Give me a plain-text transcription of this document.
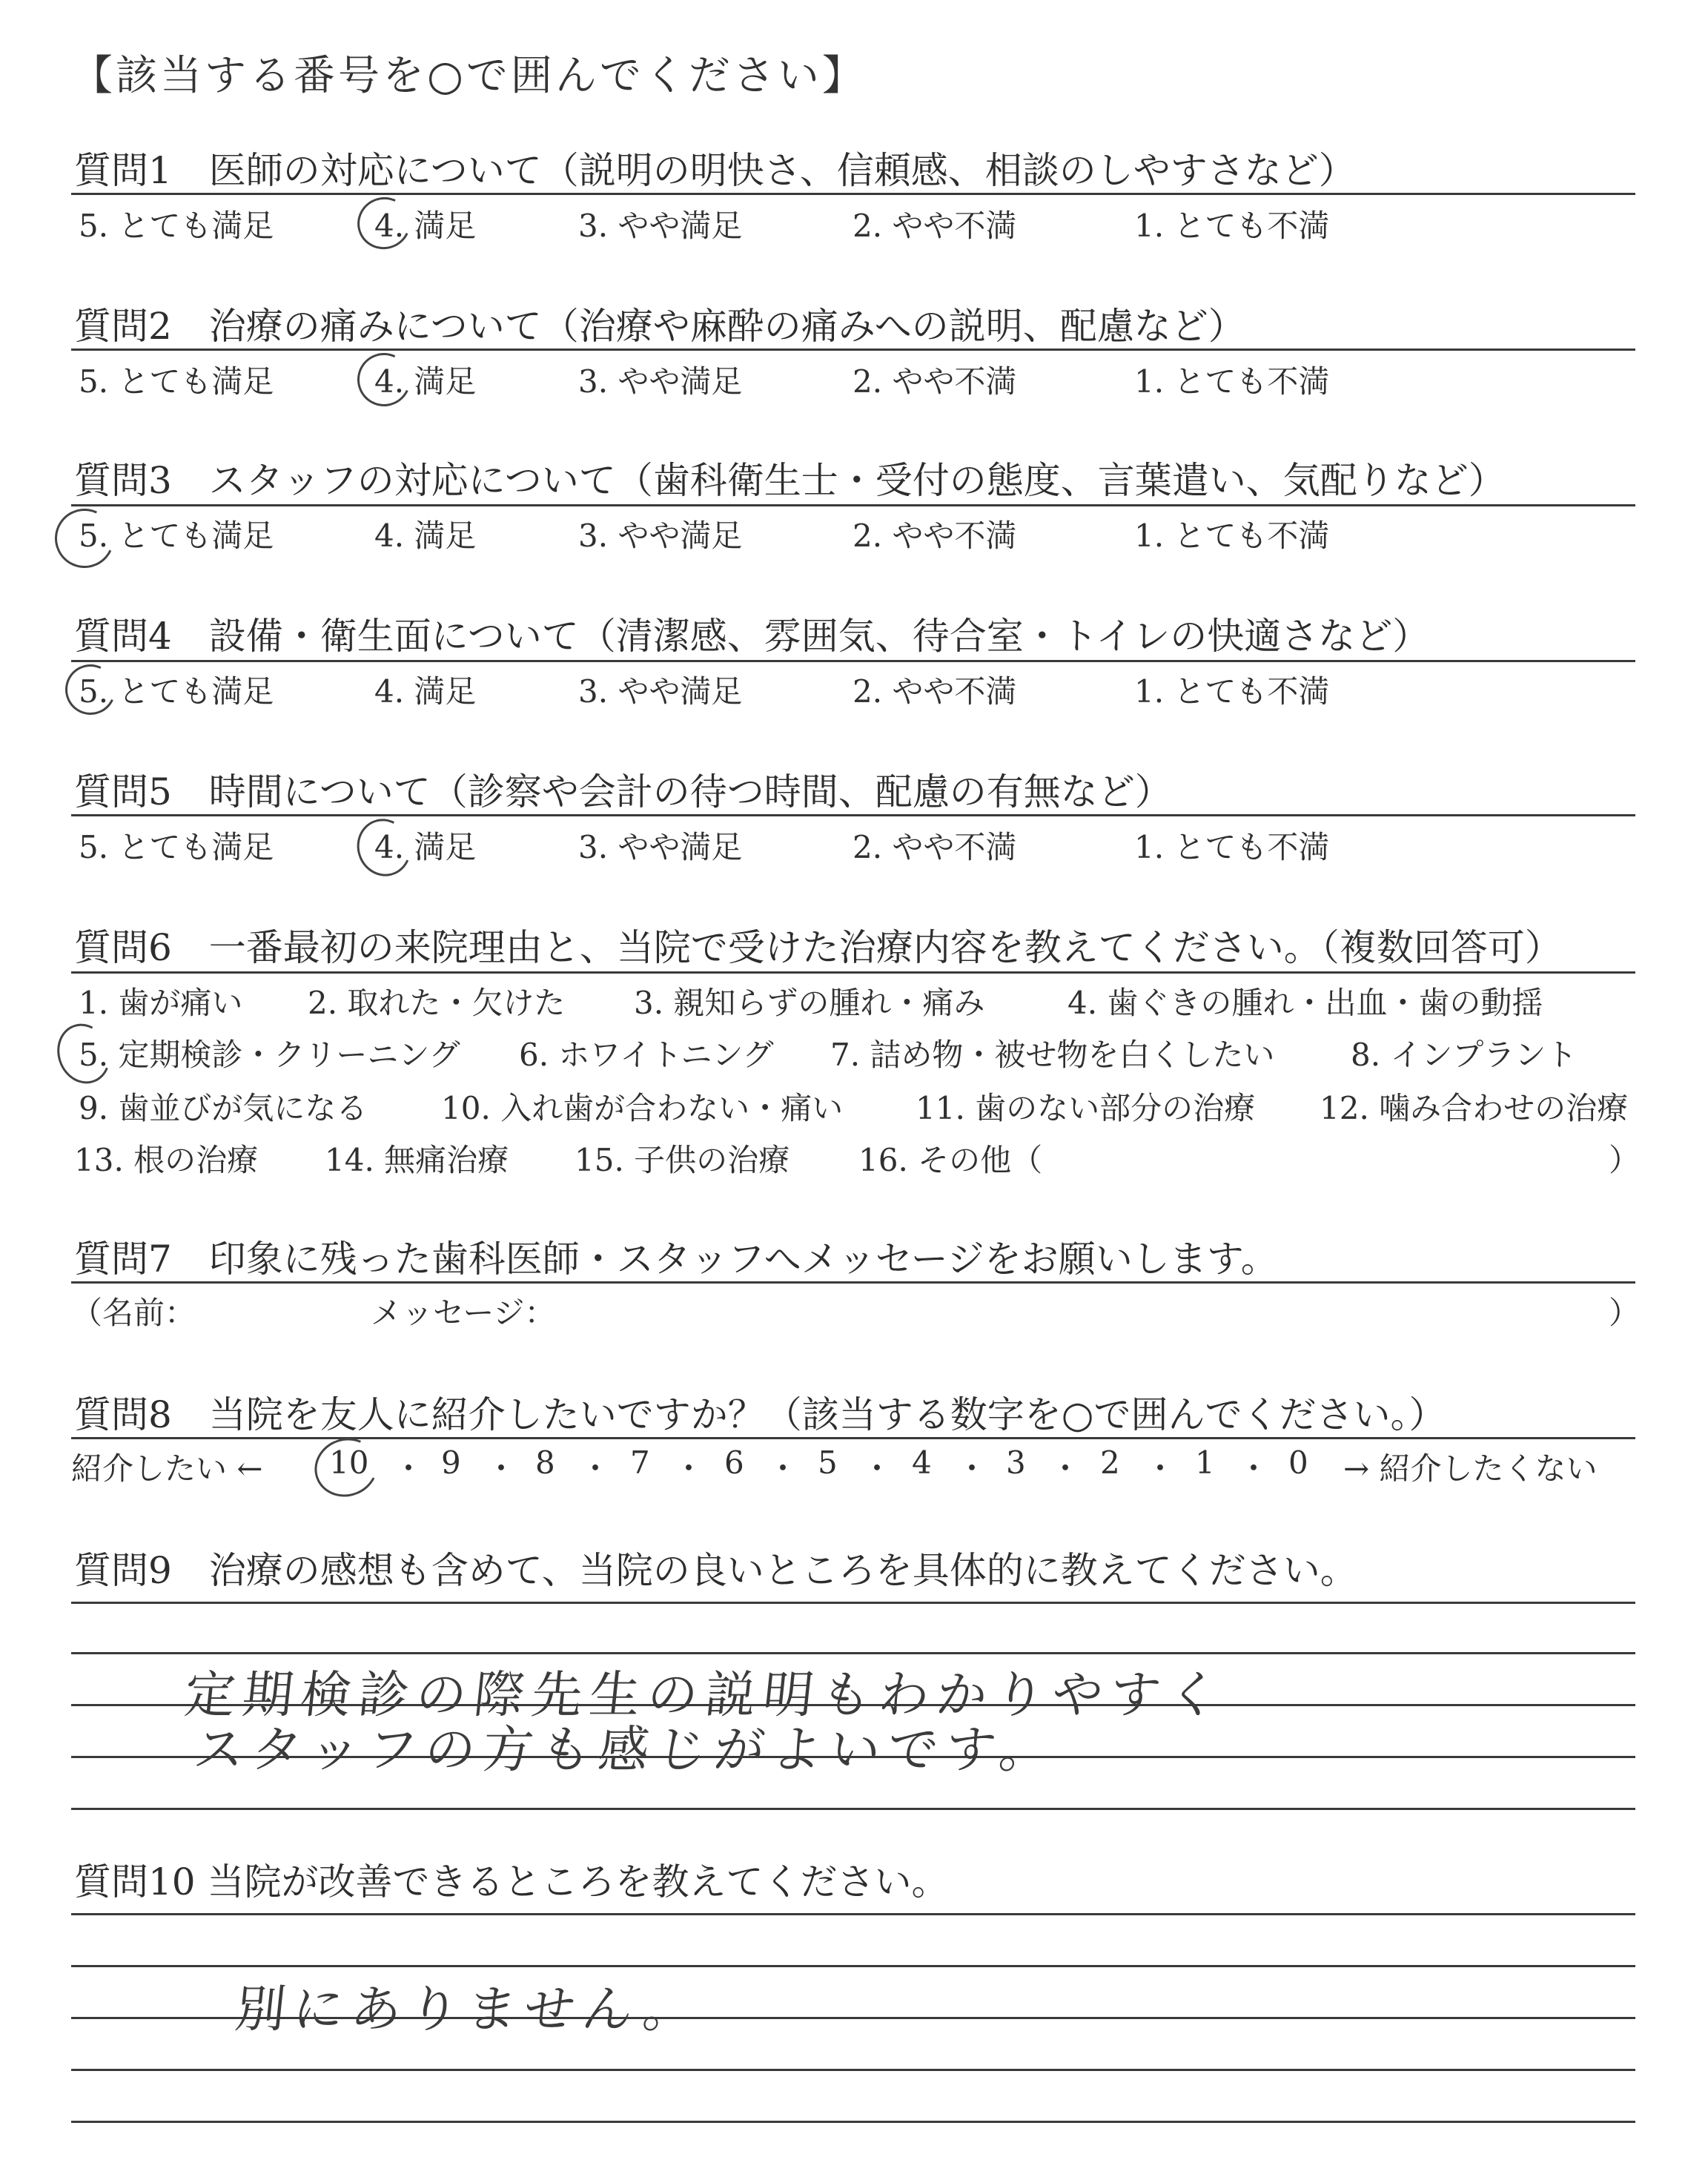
【該当する番号を○で囲んでください】
質問1　医師の対応について（説明の明快さ、信頼感、相談のしやすさなど）
5. とても満足	4. 満足	3. やや満足	2. やや不満	1. とても不満
質問2　治療の痛みについて（治療や麻酔の痛みへの説明、配慮など）
5. とても満足	4. 満足	3. やや満足	2. やや不満	1. とても不満
質問3　スタッフの対応について（歯科衛生士・受付の態度、言葉遣い、気配りなど）
5. とても満足	4. 満足	3. やや満足	2. やや不満	1. とても不満
質問4　設備・衛生面について（清潔感、雰囲気、待合室・トイレの快適さなど）
5. とても満足	4. 満足	3. やや満足	2. やや不満	1. とても不満
質問5　時間について（診察や会計の待つ時間、配慮の有無など）
5. とても満足	4. 満足	3. やや満足	2. やや不満	1. とても不満
質問6　一番最初の来院理由と、当院で受けた治療内容を教えてください。（複数回答可）
1. 歯が痛い 2. 取れた・欠けた 3. 親知らずの腫れ・痛み	4. 歯ぐきの腫れ・出血・歯の動揺
5. 定期検診・クリーニング 6. ホワイトニング 7. 詰め物・被せ物を白くしたい 8. インプラント
9. 歯並びが気になる 10. 入れ歯が合わない・痛い 11. 歯のない部分の治療 12. 噛み合わせの治療
13. 根の治療 14. 無痛治療 15. 子供の治療 16. その他（	）
質問7　印象に残った歯科医師・スタッフへメッセージをお願いします。
（名前：	メッセージ：	）
質問8　当院を友人に紹介したいですか？（該当する数字を○で囲んでください。）
紹介したい ← 10 ・ 9 ・ 8 ・ 7 ・ 6 ・ 5 ・ 4 ・ 3 ・ 2 ・ 1 ・ 0 → 紹介したくない
質問9　治療の感想も含めて、当院の良いところを具体的に教えてください。
定期検診の際先生の説明もわかりやすく
スタッフの方も感じがよいです。
質問10 当院が改善できるところを教えてください。
別にありません。
